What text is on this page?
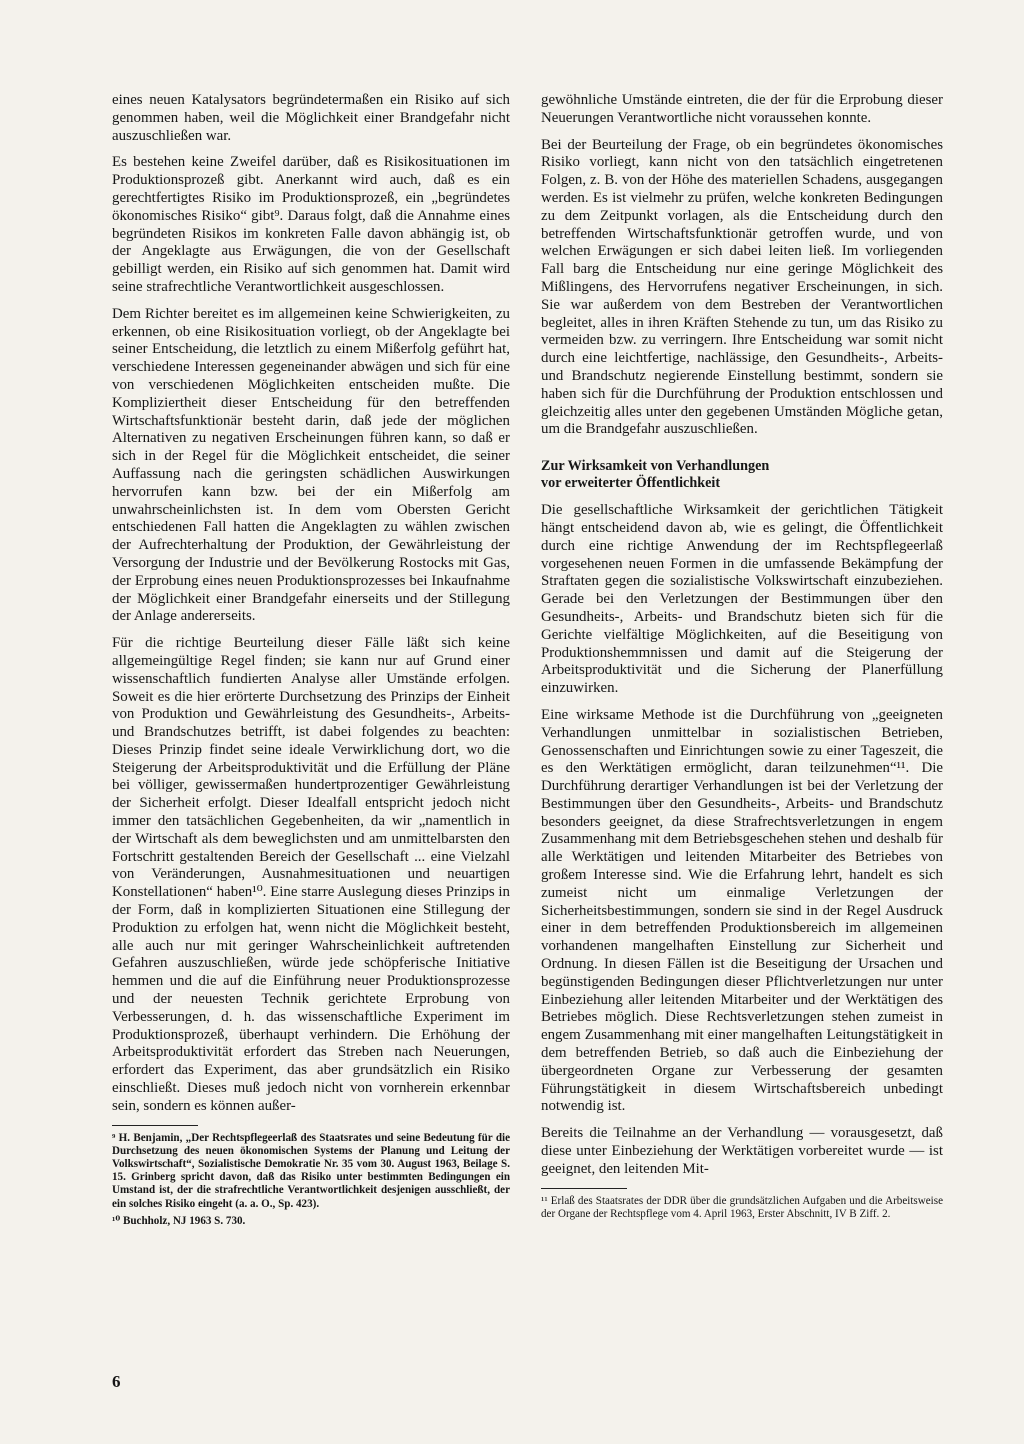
eines neuen Katalysators begründetermaßen ein Risiko auf sich genommen haben, weil die Möglichkeit einer Brandgefahr nicht auszuschließen war.

Es bestehen keine Zweifel darüber, daß es Risikosituationen im Produktionsprozeß gibt. Anerkannt wird auch, daß es ein gerechtfertigtes Risiko im Produktionsprozeß, ein „begründetes ökonomisches Risiko“ gibt⁹. Daraus folgt, daß die Annahme eines begründeten Risikos im konkreten Falle davon abhängig ist, ob der Angeklagte aus Erwägungen, die von der Gesellschaft gebilligt werden, ein Risiko auf sich genommen hat. Damit wird seine strafrechtliche Verantwortlichkeit ausgeschlossen.

Dem Richter bereitet es im allgemeinen keine Schwierigkeiten, zu erkennen, ob eine Risikosituation vorliegt, ob der Angeklagte bei seiner Entscheidung, die letztlich zu einem Mißerfolg geführt hat, verschiedene Interessen gegeneinander abwägen und sich für eine von verschiedenen Möglichkeiten entscheiden mußte. Die Kompliziertheit dieser Entscheidung für den betreffenden Wirtschaftsfunktionär besteht darin, daß jede der möglichen Alternativen zu negativen Erscheinungen führen kann, so daß er sich in der Regel für die Möglichkeit entscheidet, die seiner Auffassung nach die geringsten schädlichen Auswirkungen hervorrufen kann bzw. bei der ein Mißerfolg am unwahrscheinlichsten ist. In dem vom Obersten Gericht entschiedenen Fall hatten die Angeklagten zu wählen zwischen der Aufrechterhaltung der Produktion, der Gewährleistung der Versorgung der Industrie und der Bevölkerung Rostocks mit Gas, der Erprobung eines neuen Produktionsprozesses bei Inkaufnahme der Möglichkeit einer Brandgefahr einerseits und der Stillegung der Anlage andererseits.

Für die richtige Beurteilung dieser Fälle läßt sich keine allgemeingültige Regel finden; sie kann nur auf Grund einer wissenschaftlich fundierten Analyse aller Umstände erfolgen. Soweit es die hier erörterte Durchsetzung des Prinzips der Einheit von Produktion und Gewährleistung des Gesundheits-, Arbeits- und Brandschutzes betrifft, ist dabei folgendes zu beachten: Dieses Prinzip findet seine ideale Verwirklichung dort, wo die Steigerung der Arbeitsproduktivität und die Erfüllung der Pläne bei völliger, gewissermaßen hundertprozentiger Gewährleistung der Sicherheit erfolgt. Dieser Idealfall entspricht jedoch nicht immer den tatsächlichen Gegebenheiten, da wir „namentlich in der Wirtschaft als dem beweglichsten und am unmittelbarsten den Fortschritt gestaltenden Bereich der Gesellschaft ... eine Vielzahl von Veränderungen, Ausnahmesituationen und neuartigen Konstellationen“ haben¹⁰. Eine starre Auslegung dieses Prinzips in der Form, daß in komplizierten Situationen eine Stillegung der Produktion zu erfolgen hat, wenn nicht die Möglichkeit besteht, alle auch nur mit geringer Wahrscheinlichkeit auftretenden Gefahren auszuschließen, würde jede schöpferische Initiative hemmen und die auf die Einführung neuer Produktionsprozesse und der neuesten Technik gerichtete Erprobung von Verbesserungen, d. h. das wissenschaftliche Experiment im Produktionsprozeß, überhaupt verhindern. Die Erhöhung der Arbeitsproduktivität erfordert das Streben nach Neuerungen, erfordert das Experiment, das aber grundsätzlich ein Risiko einschließt. Dieses muß jedoch nicht von vornherein erkennbar sein, sondern es können außer-

⁹ H. Benjamin, „Der Rechtspflegeerlaß des Staatsrates und seine Bedeutung für die Durchsetzung des neuen ökonomischen Systems der Planung und Leitung der Volkswirtschaft“, Sozialistische Demokratie Nr. 35 vom 30. August 1963, Beilage S. 15. Grinberg spricht davon, daß das Risiko unter bestimmten Bedingungen ein Umstand ist, der die strafrechtliche Verantwortlichkeit desjenigen ausschließt, der ein solches Risiko eingeht (a. a. O., Sp. 423).

¹⁰ Buchholz, NJ 1963 S. 730.

gewöhnliche Umstände eintreten, die der für die Erprobung dieser Neuerungen Verantwortliche nicht voraussehen konnte.

Bei der Beurteilung der Frage, ob ein begründetes ökonomisches Risiko vorliegt, kann nicht von den tatsächlich eingetretenen Folgen, z. B. von der Höhe des materiellen Schadens, ausgegangen werden. Es ist vielmehr zu prüfen, welche konkreten Bedingungen zu dem Zeitpunkt vorlagen, als die Entscheidung durch den betreffenden Wirtschaftsfunktionär getroffen wurde, und von welchen Erwägungen er sich dabei leiten ließ. Im vorliegenden Fall barg die Entscheidung nur eine geringe Möglichkeit des Mißlingens, des Hervorrufens negativer Erscheinungen, in sich. Sie war außerdem von dem Bestreben der Verantwortlichen begleitet, alles in ihren Kräften Stehende zu tun, um das Risiko zu vermeiden bzw. zu verringern. Ihre Entscheidung war somit nicht durch eine leichtfertige, nachlässige, den Gesundheits-, Arbeits- und Brandschutz negierende Einstellung bestimmt, sondern sie haben sich für die Durchführung der Produktion entschlossen und gleichzeitig alles unter den gegebenen Umständen Mögliche getan, um die Brandgefahr auszuschließen.

Zur Wirksamkeit von Verhandlungen
vor erweiterter Öffentlichkeit

Die gesellschaftliche Wirksamkeit der gerichtlichen Tätigkeit hängt entscheidend davon ab, wie es gelingt, die Öffentlichkeit durch eine richtige Anwendung der im Rechtspflegeerlaß vorgesehenen neuen Formen in die umfassende Bekämpfung der Straftaten gegen die sozialistische Volkswirtschaft einzubeziehen. Gerade bei den Verletzungen der Bestimmungen über den Gesundheits-, Arbeits- und Brandschutz bieten sich für die Gerichte vielfältige Möglichkeiten, auf die Beseitigung von Produktionshemmnissen und damit auf die Steigerung der Arbeitsproduktivität und die Sicherung der Planerfüllung einzuwirken.

Eine wirksame Methode ist die Durchführung von „geeigneten Verhandlungen unmittelbar in sozialistischen Betrieben, Genossenschaften und Einrichtungen sowie zu einer Tageszeit, die es den Werktätigen ermöglicht, daran teilzunehmen“¹¹. Die Durchführung derartiger Verhandlungen ist bei der Verletzung der Bestimmungen über den Gesundheits-, Arbeits- und Brandschutz besonders geeignet, da diese Strafrechtsverletzungen in engem Zusammenhang mit dem Betriebsgeschehen stehen und deshalb für alle Werktätigen und leitenden Mitarbeiter des Betriebes von großem Interesse sind. Wie die Erfahrung lehrt, handelt es sich zumeist nicht um einmalige Verletzungen der Sicherheitsbestimmungen, sondern sie sind in der Regel Ausdruck einer in dem betreffenden Produktionsbereich im allgemeinen vorhandenen mangelhaften Einstellung zur Sicherheit und Ordnung. In diesen Fällen ist die Beseitigung der Ursachen und begünstigenden Bedingungen dieser Pflichtverletzungen nur unter Einbeziehung aller leitenden Mitarbeiter und der Werktätigen des Betriebes möglich. Diese Rechtsverletzungen stehen zumeist in engem Zusammenhang mit einer mangelhaften Leitungstätigkeit in dem betreffenden Betrieb, so daß auch die Einbeziehung der übergeordneten Organe zur Verbesserung der gesamten Führungstätigkeit in diesem Wirtschaftsbereich unbedingt notwendig ist.

Bereits die Teilnahme an der Verhandlung — vorausgesetzt, daß diese unter Einbeziehung der Werktätigen vorbereitet wurde — ist geeignet, den leitenden Mit-

¹¹ Erlaß des Staatsrates der DDR über die grundsätzlichen Aufgaben und die Arbeitsweise der Organe der Rechtspflege vom 4. April 1963, Erster Abschnitt, IV B Ziff. 2.

6
